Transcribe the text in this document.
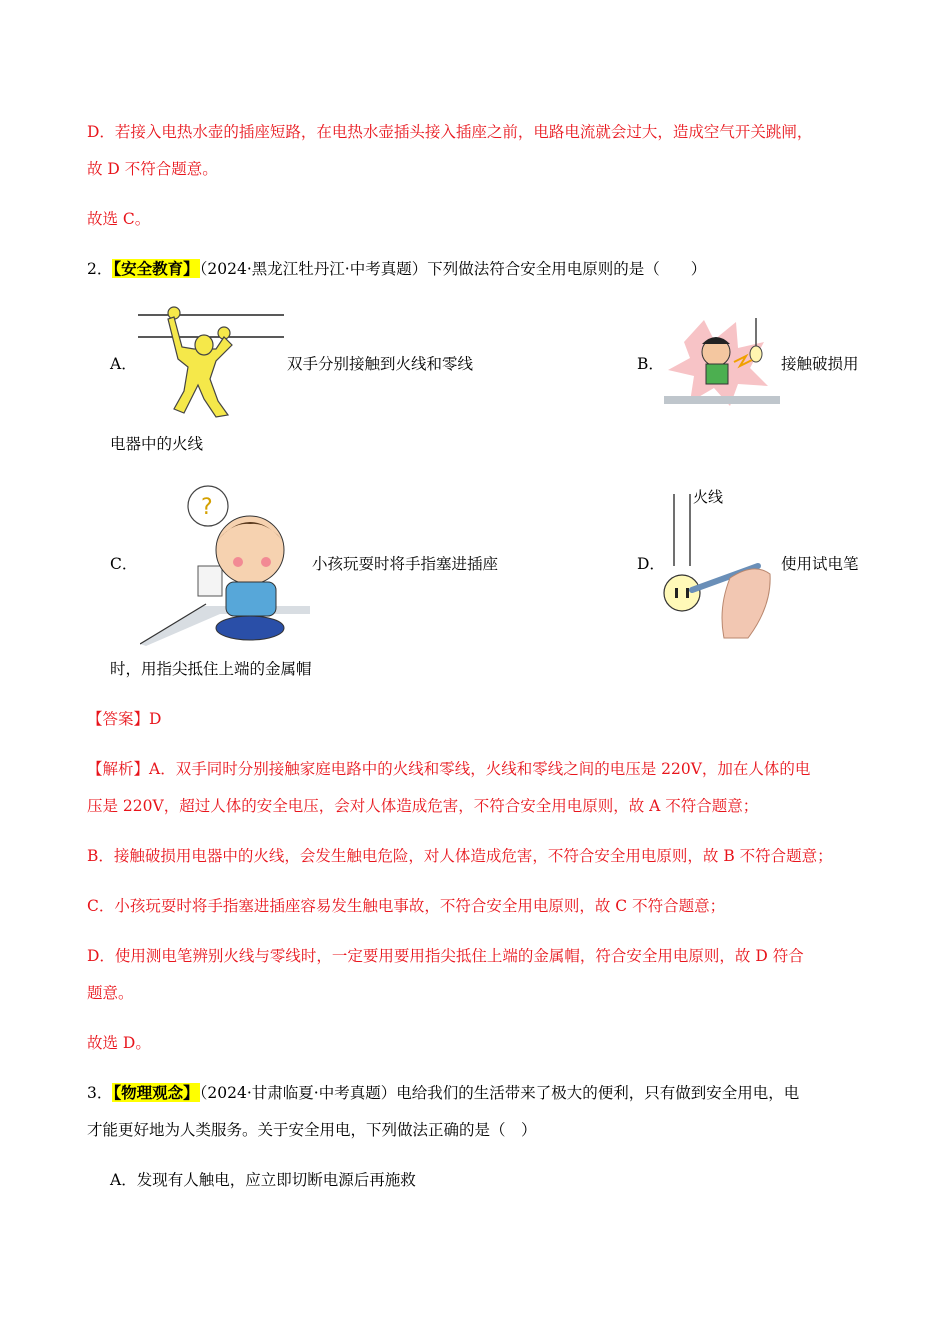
D．若接入电热水壶的插座短路，在电热水壶插头接入插座之前，电路电流就会过大，造成空气开关跳闸，
故 D 不符合题意。
故选 C。
2．【安全教育】（2024·黑龙江牡丹江·中考真题）下列做法符合安全用电原则的是（　　）
A．	双手分别接触到火线和零线	B．	接触破损用
电器中的火线
C．
?
小孩玩耍时将手指塞进插座	D．
火线
使用试电笔
时，用指尖抵住上端的金属帽
【答案】D
【解析】A．双手同时分别接触家庭电路中的火线和零线，火线和零线之间的电压是 220V，加在人体的电
压是 220V，超过人体的安全电压，会对人体造成危害，不符合安全用电原则，故 A 不符合题意；
B．接触破损用电器中的火线，会发生触电危险，对人体造成危害，不符合安全用电原则，故 B 不符合题意；
C．小孩玩耍时将手指塞进插座容易发生触电事故，不符合安全用电原则，故 C 不符合题意；
D．使用测电笔辨别火线与零线时，一定要用要用指尖抵住上端的金属帽，符合安全用电原则，故 D 符合
题意。
故选 D。
3．【物理观念】（2024·甘肃临夏·中考真题）电给我们的生活带来了极大的便利，只有做到安全用电，电
才能更好地为人类服务。关于安全用电，下列做法正确的是（　）
A．发现有人触电，应立即切断电源后再施救
